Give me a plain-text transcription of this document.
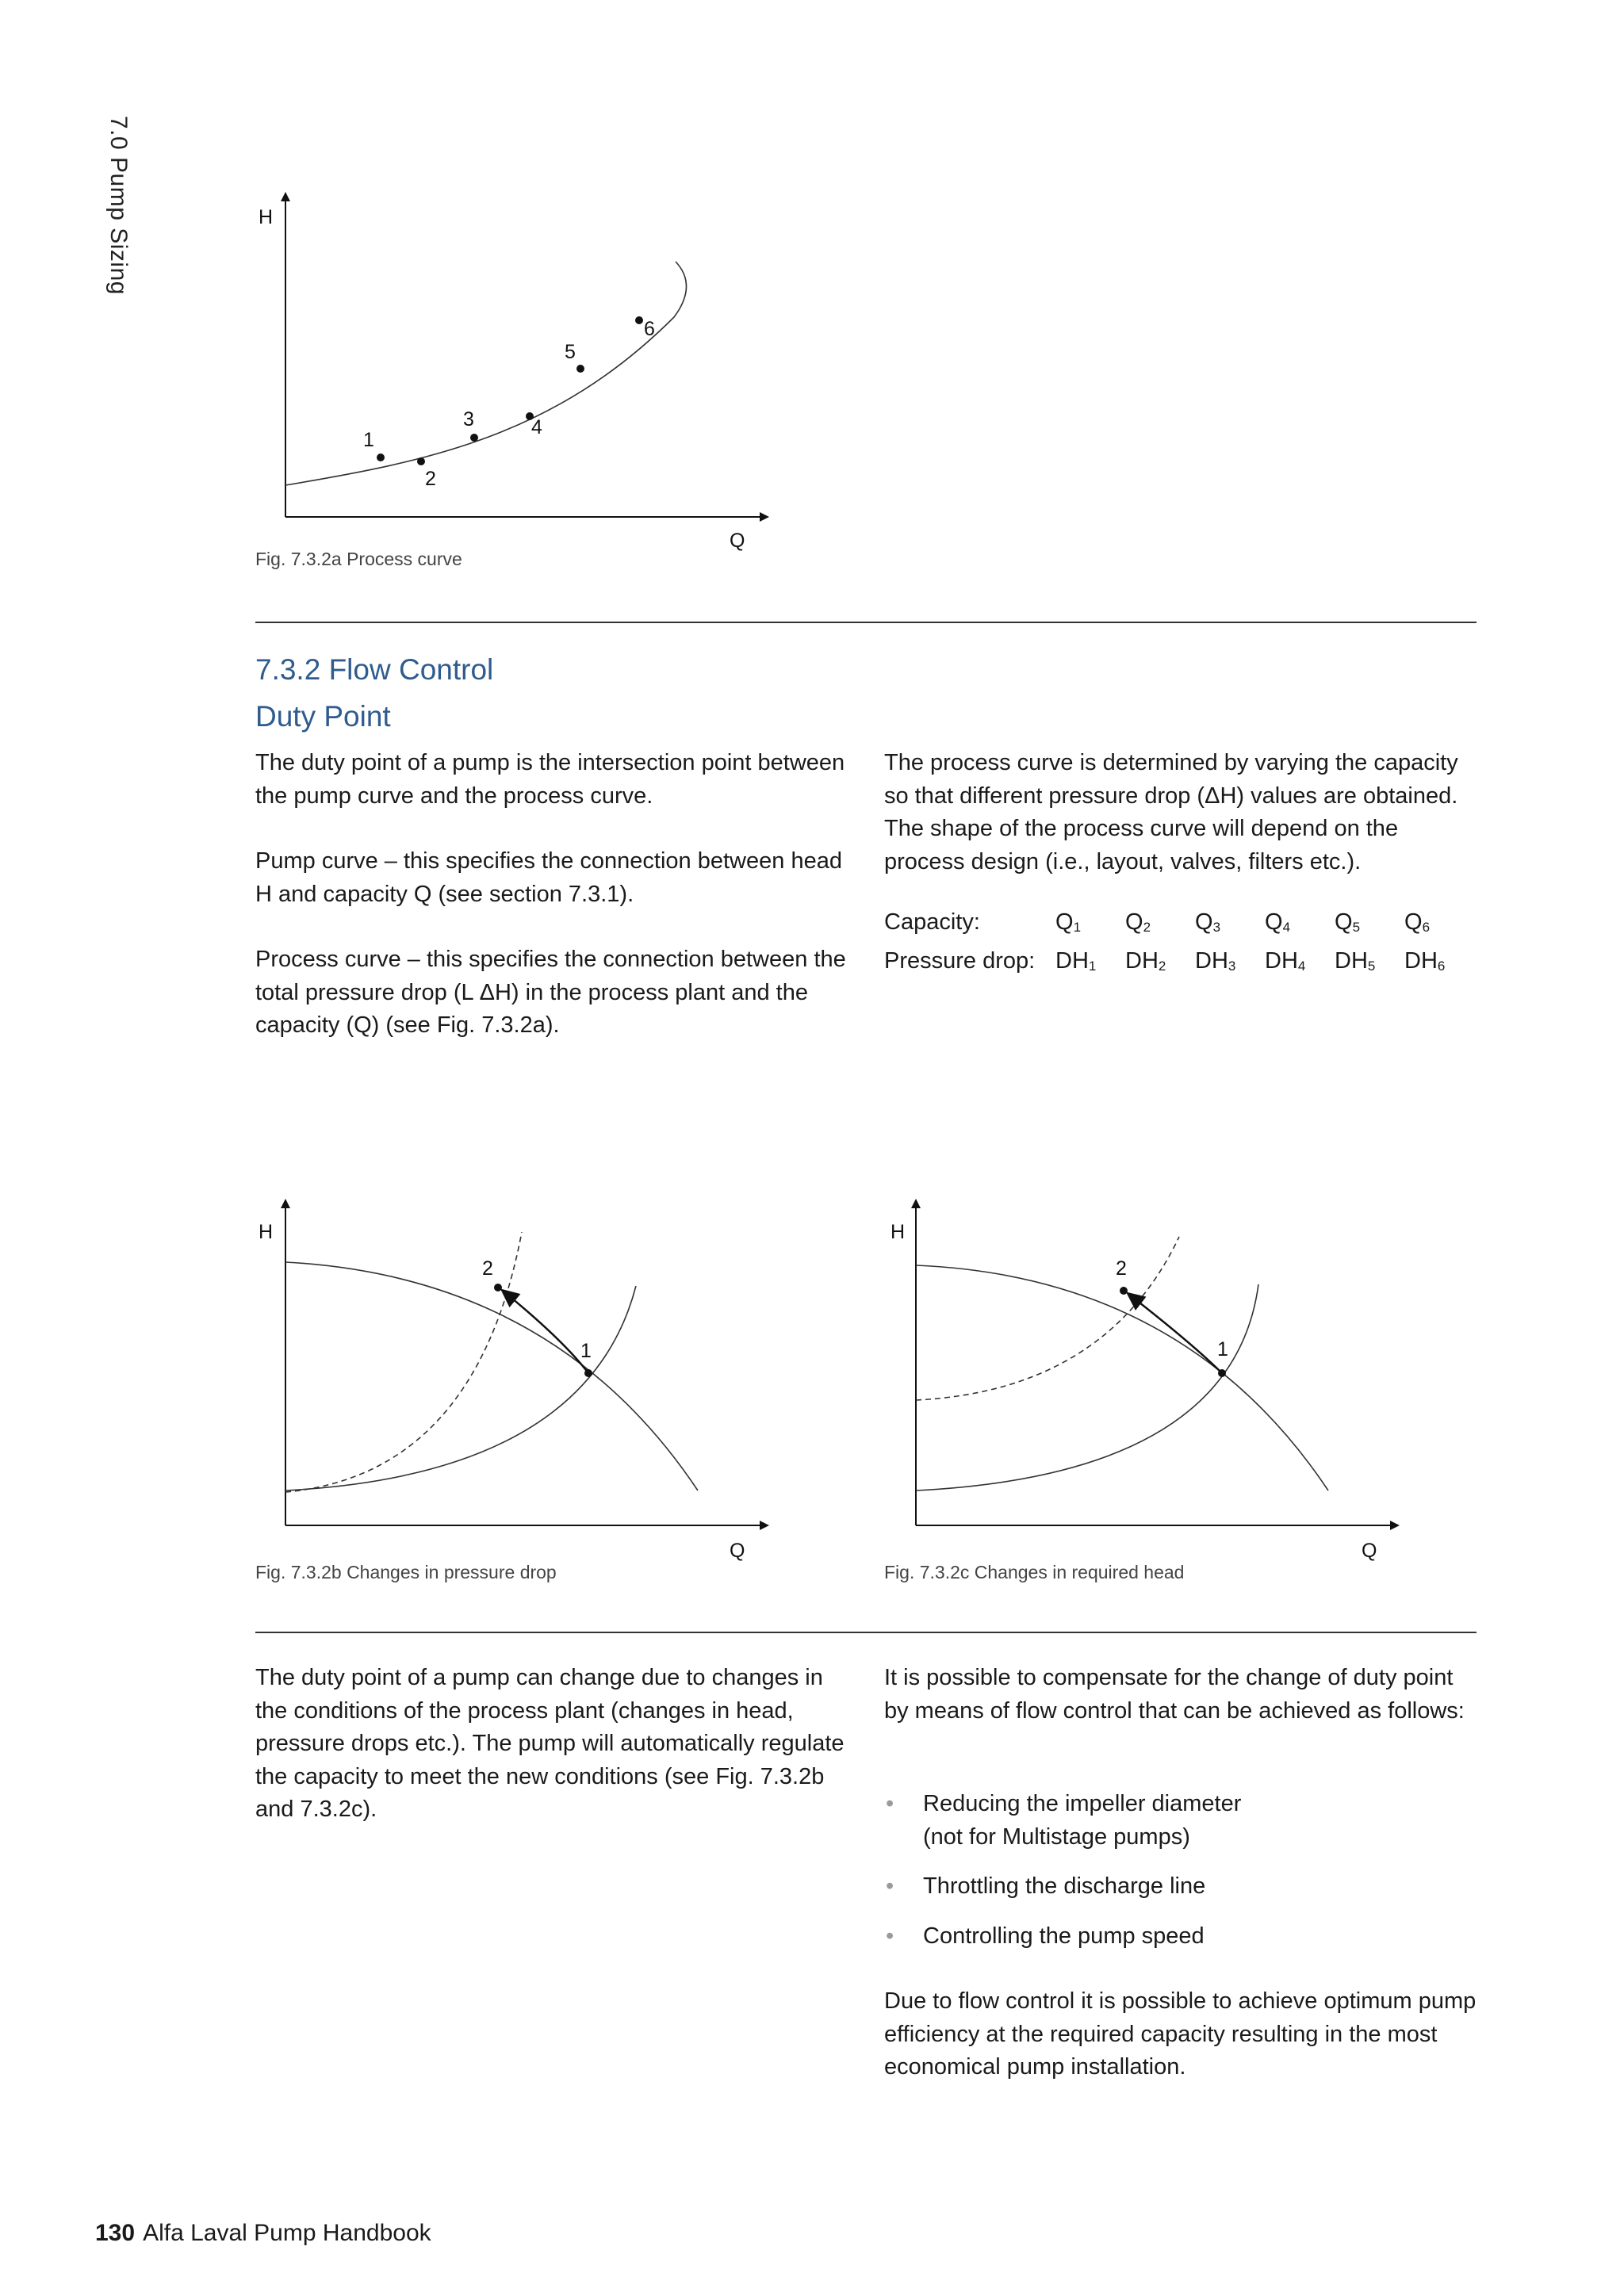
7.0 Pump Sizing	H
Q
1
2
3	4
5
6
Fig. 7.3.2a Process curve
7.3.2 Flow Control
Duty Point

The duty point of a pump is the intersection point between the pump curve and the process curve.

Pump curve – this specifies the connection between head H and capacity Q (see section 7.3.1).

Process curve – this specifies the connection between the total pressure drop (L ΔH) in the process plant and the capacity (Q) (see Fig. 7.3.2a).

The process curve is determined by varying the capacity so that different pressure drop (ΔH) values are obtained. The shape of the process curve will depend on the process design (i.e., layout, valves, filters etc.).

Capacity:	$Q_1$	$Q_2$	$Q_3$	$Q_4$	$Q_5$	$Q_6$
Pressure drop:	$DH_1$	$DH_2$	$DH_3$	$DH_4$	$DH_5$	$DH_6$
H
Q
1
2
Fig. 7.3.2b Changes in pressure drop
H
Q
1
2
Fig. 7.3.2c Changes in required head

The duty point of a pump can change due to changes in the conditions of the process plant (changes in head, pressure drops etc.). The pump will automatically regulate the capacity to meet the new conditions (see Fig. 7.3.2b and 7.3.2c).

It is possible to compensate for the change of duty point by means of flow control that can be achieved as follows:

• Reducing the impeller diameter
(not for Multistage pumps)
• Throttling the discharge line
• Controlling the pump speed

Due to flow control it is possible to achieve optimum pump efficiency at the required capacity resulting in the most economical pump installation.

130 Alfa Laval Pump Handbook
